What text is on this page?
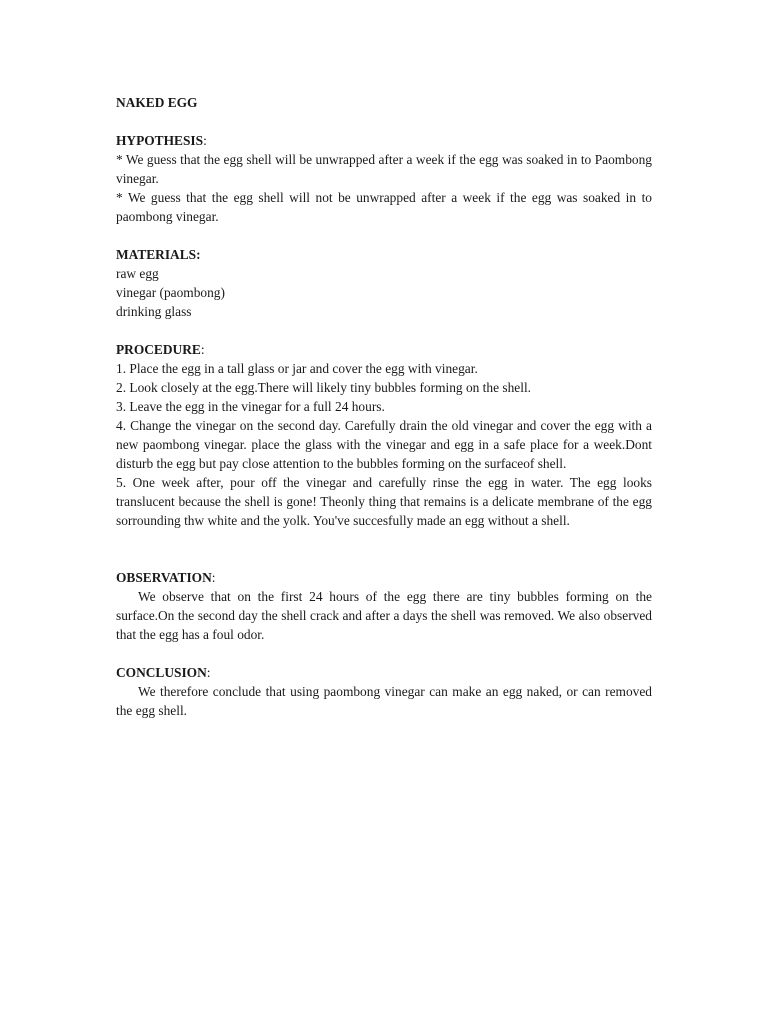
NAKED EGG

HYPOTHESIS:

* We guess that the egg shell will be unwrapped after a week if the egg was soaked in to Paombong vinegar.

* We guess that the egg shell will not be unwrapped after a week if the egg was soaked in to paombong vinegar.

MATERIALS:

raw egg

vinegar (paombong)

drinking glass

PROCEDURE:

1. Place the egg in a tall glass or jar and cover the egg with vinegar.

2. Look closely at the egg.There will likely tiny bubbles forming on the shell.

3. Leave the egg in the vinegar for a full 24 hours.

4. Change the vinegar on the second day. Carefully drain the old vinegar and cover the egg with a new paombong vinegar. place the glass with the vinegar and egg in a safe place for a week.Dont disturb the egg but pay close attention to the bubbles forming on the surfaceof shell.

5. One week after, pour off the vinegar and carefully rinse the egg in water. The egg looks translucent because the shell is gone! Theonly thing that remains is a delicate membrane of the egg sorrounding thw white and the yolk. You've succesfully made an egg without a shell.

OBSERVATION:

We observe that on the first 24 hours of the egg there are tiny bubbles forming on the surface.On the second day the shell crack and after a days the shell was removed. We also observed that the egg has a foul odor.

CONCLUSION:

We therefore conclude that using paombong vinegar can make an egg naked, or can removed the egg shell.
